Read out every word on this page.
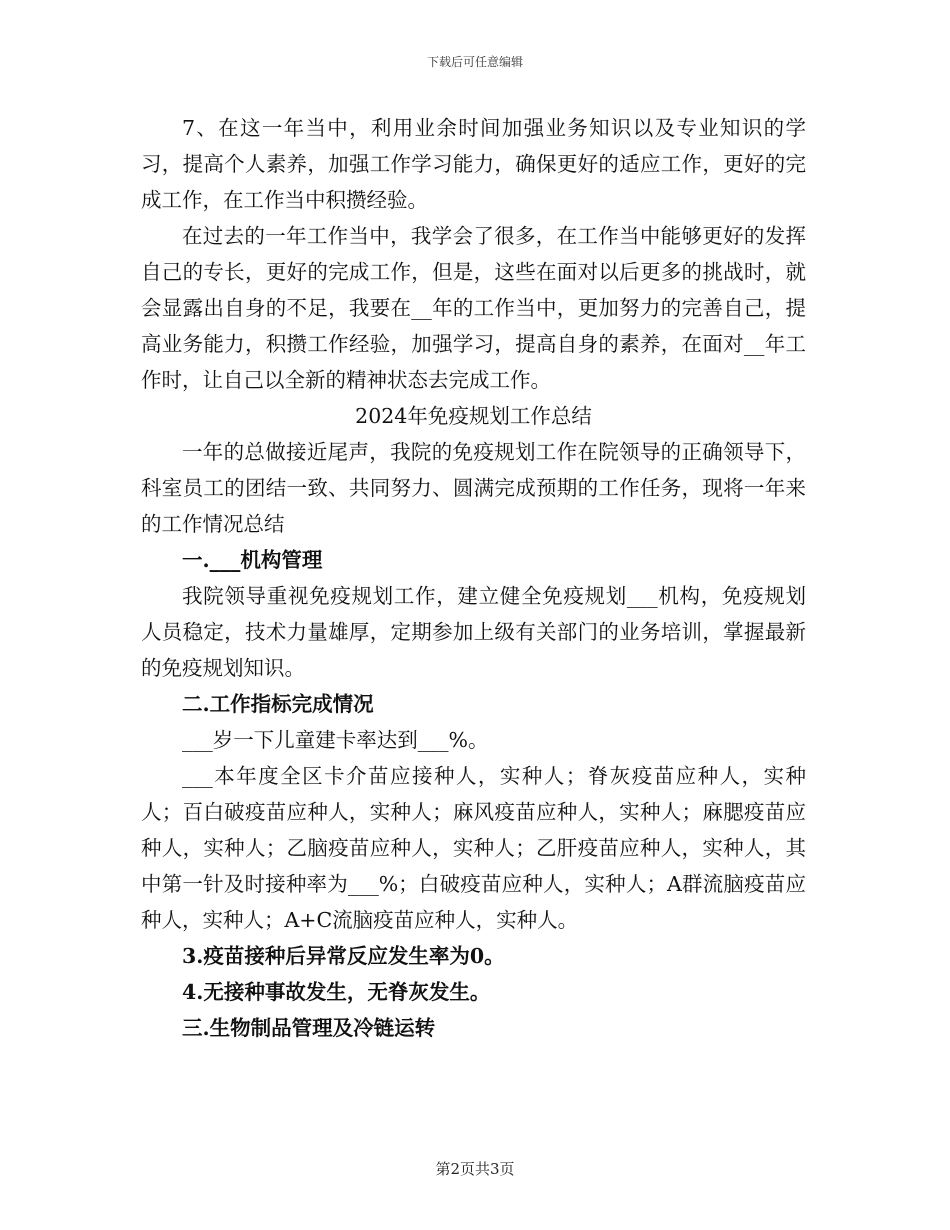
下载后可任意编辑

7、在这一年当中，利用业余时间加强业务知识以及专业知识的学习，提高个人素养，加强工作学习能力，确保更好的适应工作，更好的完成工作，在工作当中积攒经验。

在过去的一年工作当中，我学会了很多，在工作当中能够更好的发挥自己的专长，更好的完成工作，但是，这些在面对以后更多的挑战时，就会显露出自身的不足，我要在__年的工作当中，更加努力的完善自己，提高业务能力，积攒工作经验，加强学习，提高自身的素养，在面对__年工作时，让自己以全新的精神状态去完成工作。

2024年免疫规划工作总结

一年的总做接近尾声，我院的免疫规划工作在院领导的正确领导下，科室员工的团结一致、共同努力、圆满完成预期的工作任务，现将一年来的工作情况总结

一.___机构管理

我院领导重视免疫规划工作，建立健全免疫规划___机构，免疫规划人员稳定，技术力量雄厚，定期参加上级有关部门的业务培训，掌握最新的免疫规划知识。

二.工作指标完成情况

___岁一下儿童建卡率达到___%。

___本年度全区卡介苗应接种人，实种人；脊灰疫苗应种人，实种人；百白破疫苗应种人，实种人；麻风疫苗应种人，实种人；麻腮疫苗应种人，实种人；乙脑疫苗应种人，实种人；乙肝疫苗应种人，实种人，其中第一针及时接种率为___%；白破疫苗应种人，实种人；A群流脑疫苗应种人，实种人；A+C流脑疫苗应种人，实种人。

3.疫苗接种后异常反应发生率为0。

4.无接种事故发生，无脊灰发生。

三.生物制品管理及冷链运转

第2页共3页
